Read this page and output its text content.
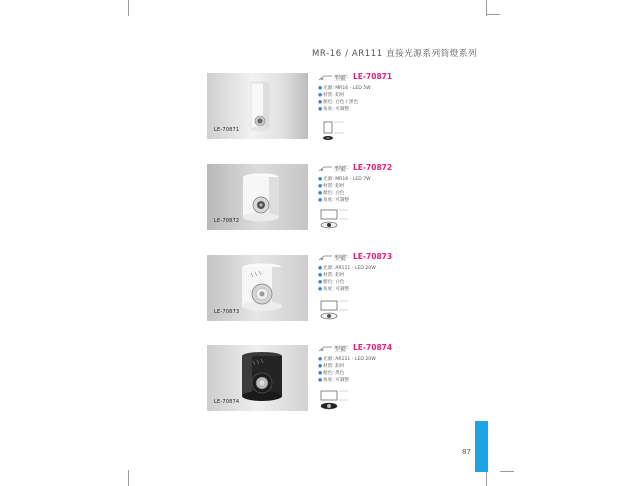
MR-16 / AR111 直接光源系列筒燈系列
LE-70871
型號 : LE-70871
●光源: MR16 - LED 5W
●材質: 鋁材
●顏色: 白色 / 黑色
●角度: 可調整
LE-70872
型號 : LE-70872
●光源: MR16 - LED 7W
●材質: 鋁材
●顏色: 白色
●角度: 可調整
LE-70873
型號 : LE-70873
●光源: AR111 - LED 20W
●材質: 鋁材
●顏色: 白色
●角度: 可調整
LE-70874
型號 : LE-70874
●光源: AR111 - LED 20W
●材質: 鋁材
●顏色: 黑色
●角度: 可調整
87
